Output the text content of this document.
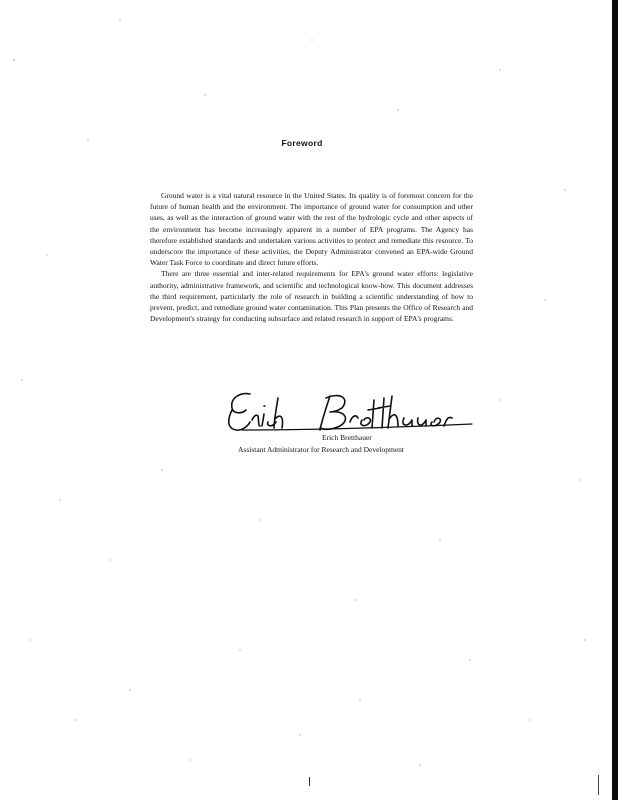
Foreword

Ground water is a vital natural resource in the United States. Its quality is of foremost concern for the future of human health and the environment. The importance of ground water for consumption and other uses, as well as the interaction of ground water with the rest of the hydrologic cycle and other aspects of the environment has become increasingly apparent in a number of EPA programs. The Agency has therefore established standards and undertaken various activities to protect and remediate this resource. To underscore the importance of these activities, the Deputy Administrator convened an EPA-wide Ground Water Task Force to coordinate and direct future efforts.

There are three essential and inter-related requirements for EPA's ground water efforts: legislative authority, administrative framework, and scientific and technological know-how. This document addresses the third requirement, particularly the role of research in building a scientific understanding of how to prevent, predict, and remediate ground water contamination. This Plan presents the Office of Research and Development's strategy for conducting subsurface and related research in support of EPA's programs.

Erich Bretthauer
Assistant Administrator for Research and Development
